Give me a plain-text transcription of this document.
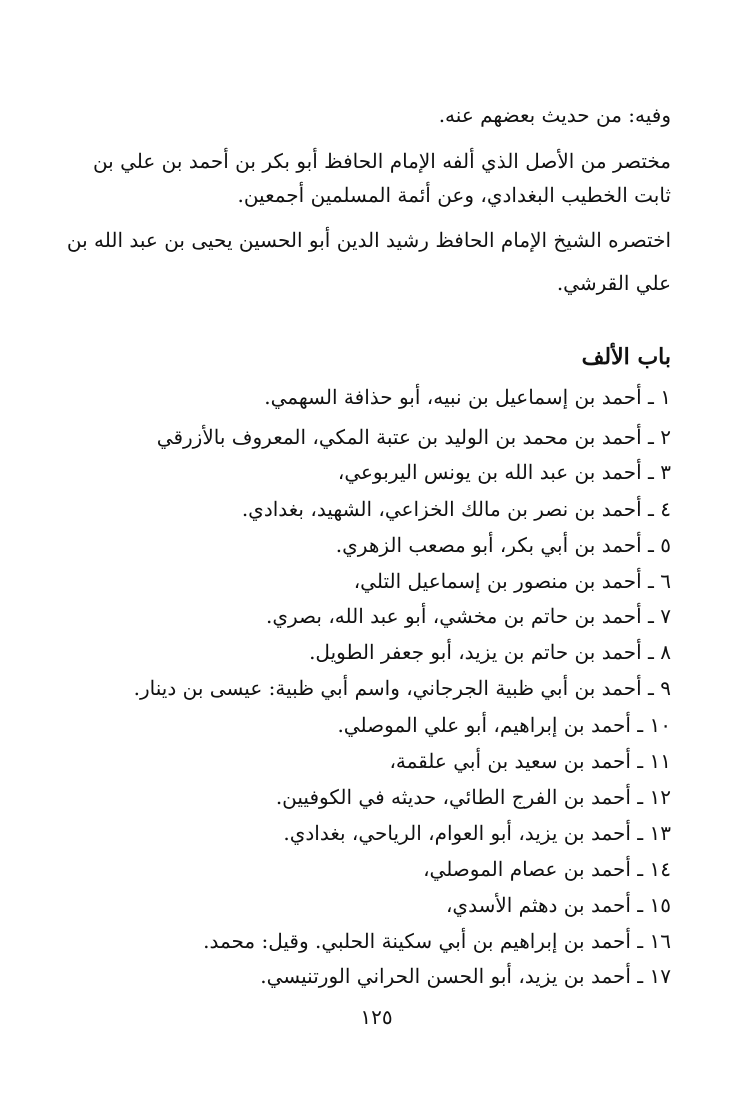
وفيه: من حديث بعضهم عنه.
مختصر من الأصل الذي ألفه الإمام الحافظ أبو بكر بن أحمد بن علي بن
ثابت الخطيب البغدادي، وعن أئمة المسلمين أجمعين.
اختصره الشيخ الإمام الحافظ رشيد الدين أبو الحسين يحيى بن عبد الله بن
علي القرشي.
باب الألف
١ ـ أحمد بن إسماعيل بن نبيه، أبو حذافة السهمي.
٢ ـ أحمد بن محمد بن الوليد بن عتبة المكي، المعروف بالأزرقي
٣ ـ أحمد بن عبد الله بن يونس اليربوعي،
٤ ـ أحمد بن نصر بن مالك الخزاعي، الشهيد، بغدادي.
٥ ـ أحمد بن أبي بكر، أبو مصعب الزهري.
٦ ـ أحمد بن منصور بن إسماعيل التلي،
٧ ـ أحمد بن حاتم بن مخشي، أبو عبد الله، بصري.
٨ ـ أحمد بن حاتم بن يزيد، أبو جعفر الطويل.
٩ ـ أحمد بن أبي ظبية الجرجاني، واسم أبي ظبية: عيسى بن دينار.
١٠ ـ أحمد بن إبراهيم، أبو علي الموصلي.
١١ ـ أحمد بن سعيد بن أبي علقمة،
١٢ ـ أحمد بن الفرج الطائي، حديثه في الكوفيين.
١٣ ـ أحمد بن يزيد، أبو العوام، الرياحي، بغدادي.
١٤ ـ أحمد بن عصام الموصلي،
١٥ ـ أحمد بن دهثم الأسدي،
١٦ ـ أحمد بن إبراهيم بن أبي سكينة الحلبي. وقيل: محمد.
١٧ ـ أحمد بن يزيد، أبو الحسن الحراني الورتنيسي.
١٢٥
